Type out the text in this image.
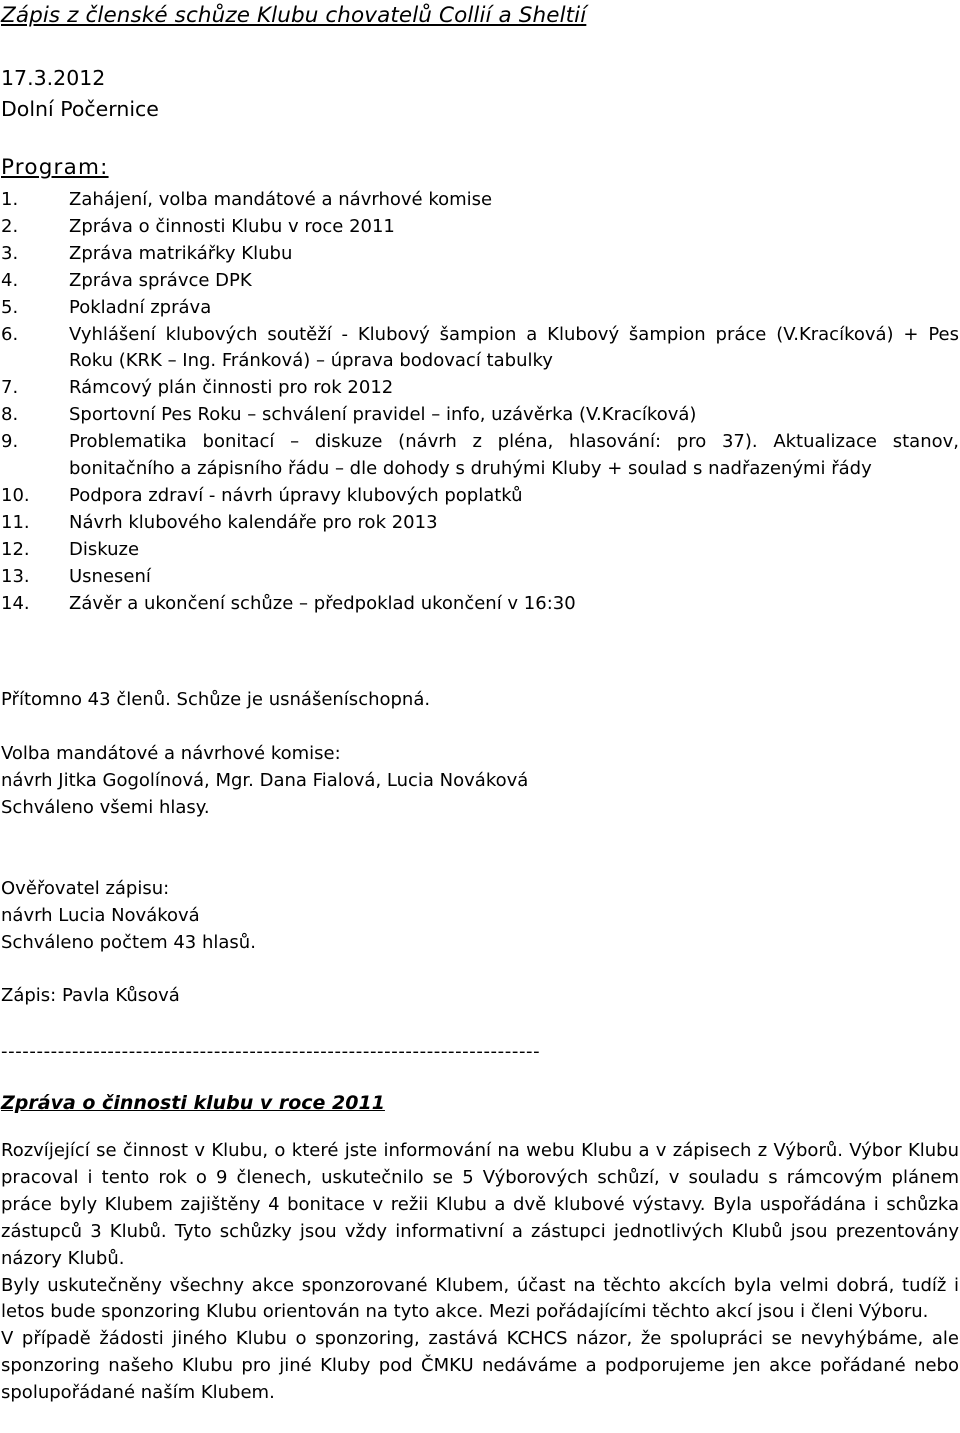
Zápis z členské schůze Klubu chovatelů Collií a Sheltií
17.3.2012
Dolní Počernice
Program:
1.	Zahájení, volba mandátové a návrhové komise
2.	Zpráva o činnosti Klubu v roce 2011
3.	Zpráva matrikářky Klubu
4.	Zpráva správce DPK
5.	Pokladní zpráva
6.	Vyhlášení klubových soutěží - Klubový šampion a Klubový šampion práce (V.Kracíková) + Pes Roku (KRK – Ing. Fránková) – úprava bodovací tabulky
7.	Rámcový plán činnosti pro rok 2012
8.	Sportovní Pes Roku – schválení pravidel – info, uzávěrka (V.Kracíková)
9.	Problematika bonitací – diskuze (návrh z pléna, hlasování: pro 37). Aktualizace stanov, bonitačního a zápisního řádu – dle dohody s druhými Kluby + soulad s nadřazenými řády
10. Podpora zdraví - návrh úpravy klubových poplatků
11. Návrh klubového kalendáře pro rok 2013
12. Diskuze
13. Usnesení
14. Závěr a ukončení schůze – předpoklad ukončení v 16:30
Přítomno 43 členů. Schůze je usnášeníschopná.
Volba mandátové a návrhové komise:
návrh Jitka Gogolínová, Mgr. Dana Fialová, Lucia Nováková
Schváleno všemi hlasy.
Ověřovatel zápisu:
návrh Lucia Nováková
Schváleno počtem 43 hlasů.
Zápis: Pavla Kůsová
----------------------------------------------------------------------------
Zpráva o činnosti klubu v roce 2011

Rozvíjející se činnost v Klubu, o které jste informování na webu Klubu a v zápisech z Výborů. Výbor Klubu pracoval i tento rok o 9 členech, uskutečnilo se 5 Výborových schůzí, v souladu s rámcovým plánem práce byly Klubem zajištěny 4 bonitace v režii Klubu a dvě klubové výstavy. Byla uspořádána i schůzka zástupců 3 Klubů. Tyto schůzky jsou vždy informativní a zástupci jednotlivých Klubů jsou prezentovány názory Klubů.

Byly uskutečněny všechny akce sponzorované Klubem, účast na těchto akcích byla velmi dobrá, tudíž i letos bude sponzoring Klubu orientován na tyto akce. Mezi pořádajícími těchto akcí jsou i členi Výboru.

V případě žádosti jiného Klubu o sponzoring, zastává KCHCS názor, že spolupráci se nevyhýbáme, ale sponzoring našeho Klubu pro jiné Kluby pod ČMKU nedáváme a podporujeme jen akce pořádané nebo spolupořádané naším Klubem.
